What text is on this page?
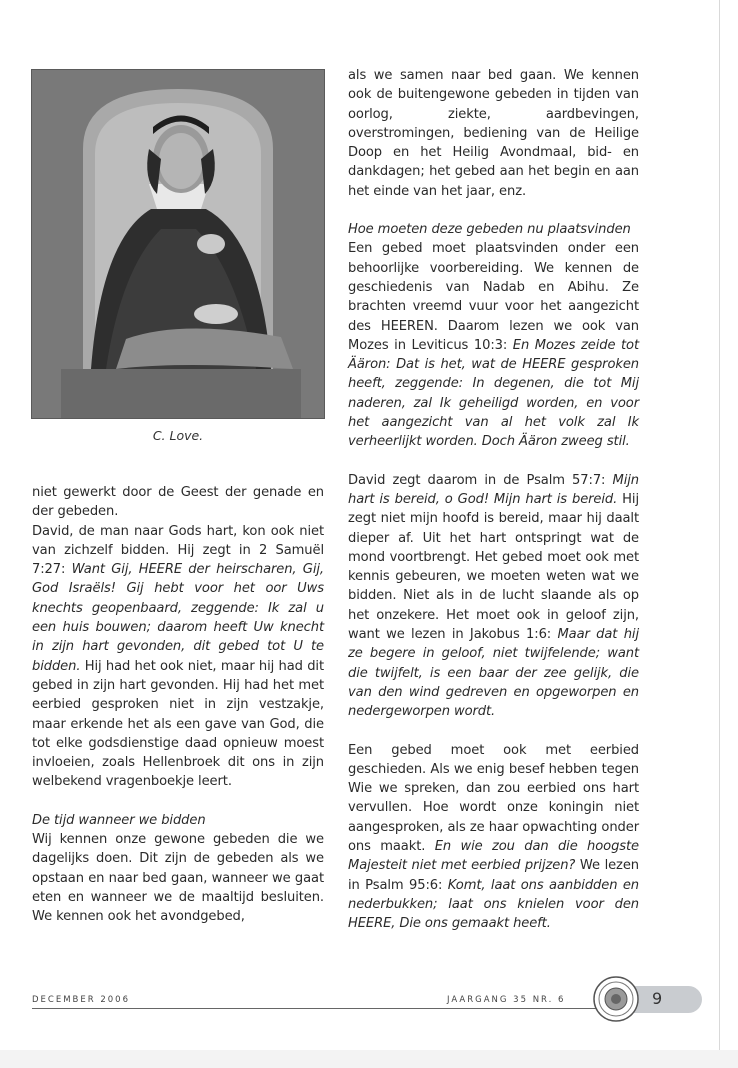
C. Love.

niet gewerkt door de Geest der genade en der gebeden.

David, de man naar Gods hart, kon ook niet van zichzelf bidden. Hij zegt in 2 Samuël 7:27: Want Gij, HEERE der heirscharen, Gij, God Israëls! Gij hebt voor het oor Uws knechts geopenbaard, zeggende: Ik zal u een huis bouwen; daarom heeft Uw knecht in zijn hart gevonden, dit gebed tot U te bidden. Hij had het ook niet, maar hij had dit gebed in zijn hart gevonden. Hij had het met eerbied gesproken niet in zijn vestzakje, maar erkende het als een gave van God, die tot elke godsdienstige daad opnieuw moest invloeien, zoals Hellenbroek dit ons in zijn welbekend vragenboekje leert.

De tijd wanneer we bidden

Wij kennen onze gewone gebeden die we dagelijks doen. Dit zijn de gebeden als we opstaan en naar bed gaan, wanneer we gaat eten en wanneer we de maaltijd besluiten. We kennen ook het avondgebed,

als we samen naar bed gaan. We kennen ook de buitengewone gebeden in tijden van oorlog, ziekte, aardbevingen, overstromingen, bediening van de Heilige Doop en het Heilig Avondmaal, bid- en dankdagen; het gebed aan het begin en aan het einde van het jaar, enz.

Hoe moeten deze gebeden nu plaatsvinden

Een gebed moet plaatsvinden onder een behoorlijke voorbereiding. We kennen de geschiedenis van Nadab en Abihu. Ze brachten vreemd vuur voor het aangezicht des HEEREN. Daarom lezen we ook van Mozes in Leviticus 10:3: En Mozes zeide tot Ääron: Dat is het, wat de HEERE gesproken heeft, zeggende: In degenen, die tot Mij naderen, zal Ik geheiligd worden, en voor het aangezicht van al het volk zal Ik verheerlijkt worden. Doch Ääron zweeg stil.

David zegt daarom in de Psalm 57:7: Mijn hart is bereid, o God! Mijn hart is bereid. Hij zegt niet mijn hoofd is bereid, maar hij daalt dieper af. Uit het hart ontspringt wat de mond voortbrengt. Het gebed moet ook met kennis gebeuren, we moeten weten wat we bidden. Niet als in de lucht slaande als op het onzekere. Het moet ook in geloof zijn, want we lezen in Jakobus 1:6: Maar dat hij ze begere in geloof, niet twijfelende; want die twijfelt, is een baar der zee gelijk, die van den wind gedreven en opgeworpen en nedergeworpen wordt.

Een gebed moet ook met eerbied geschieden. Als we enig besef hebben tegen Wie we spreken, dan zou eerbied ons hart vervullen. Hoe wordt onze koningin niet aangesproken, als ze haar opwachting onder ons maakt. En wie zou dan die hoogste Majesteit niet met eerbied prijzen? We lezen in Psalm 95:6: Komt, laat ons aanbidden en nederbukken; laat ons knielen voor den HEERE, Die ons gemaakt heeft.

DECEMBER 2006	JAARGANG 35 NR. 6	9
